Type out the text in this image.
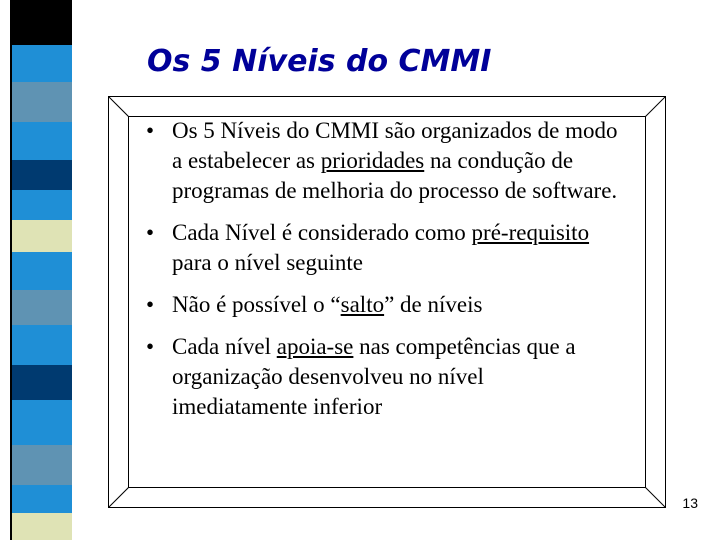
Os 5 Níveis do CMMI
• Os 5 Níveis do CMMI são organizados de modo a estabelecer as prioridades na condução de programas de melhoria do processo de software.
• Cada Nível é considerado como pré-requisito para o nível seguinte
• Não é possível o “salto” de níveis
• Cada nível apoia-se nas competências que a organização desenvolveu no nível imediatamente inferior
13
